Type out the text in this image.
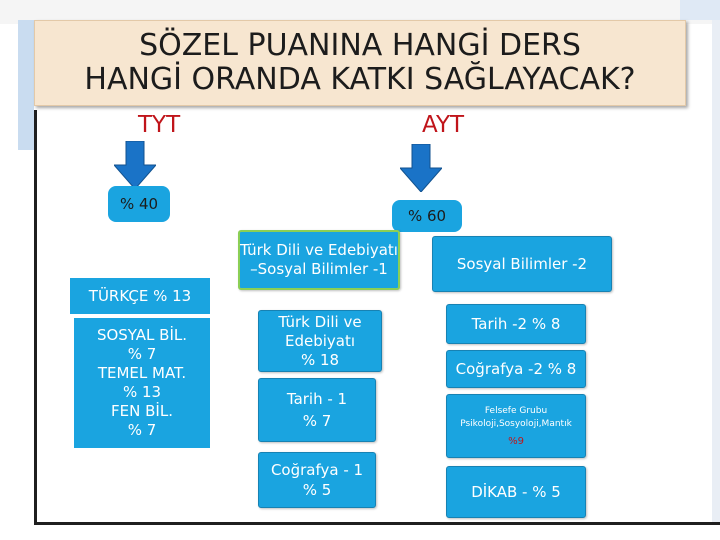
SÖZEL PUANINA HANGİ DERS
HANGİ ORANDA KATKI SAĞLAYACAK?
TYT	AYT
% 40
% 60
TÜRKÇE % 13
SOSYAL BİL.
% 7
TEMEL MAT.
% 13
FEN BİL.
% 7
Türk Dili ve Edebiyatı –Sosyal Bilimler -1
Türk Dili ve
Edebiyatı
% 18
Tarih - 1
% 7
Coğrafya - 1
% 5
Sosyal Bilimler -2
Tarih -2 % 8
Coğrafya -2 % 8
Felsefe Grubu
Psikoloji,Sosyoloji,Mantık
%9
DİKAB - % 5
